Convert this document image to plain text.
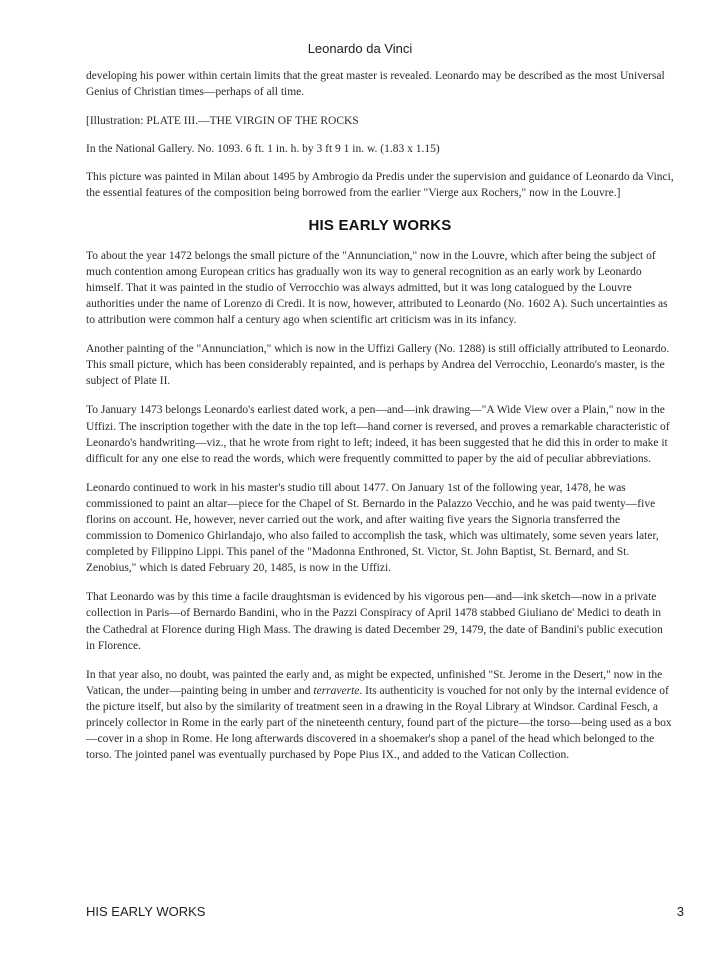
Leonardo da Vinci

developing his power within certain limits that the great master is revealed. Leonardo may be described as the most Universal Genius of Christian times—perhaps of all time.

[Illustration: PLATE III.—THE VIRGIN OF THE ROCKS

In the National Gallery. No. 1093. 6 ft. 1 in. h. by 3 ft 9 1 in. w. (1.83 x 1.15)

This picture was painted in Milan about 1495 by Ambrogio da Predis under the supervision and guidance of Leonardo da Vinci, the essential features of the composition being borrowed from the earlier "Vierge aux Rochers," now in the Louvre.]

HIS EARLY WORKS

To about the year 1472 belongs the small picture of the "Annunciation," now in the Louvre, which after being the subject of much contention among European critics has gradually won its way to general recognition as an early work by Leonardo himself. That it was painted in the studio of Verrocchio was always admitted, but it was long catalogued by the Louvre authorities under the name of Lorenzo di Credi. It is now, however, attributed to Leonardo (No. 1602 A). Such uncertainties as to attribution were common half a century ago when scientific art criticism was in its infancy.

Another painting of the "Annunciation," which is now in the Uffizi Gallery (No. 1288) is still officially attributed to Leonardo. This small picture, which has been considerably repainted, and is perhaps by Andrea del Verrocchio, Leonardo's master, is the subject of Plate II.

To January 1473 belongs Leonardo's earliest dated work, a pen—and—ink drawing—"A Wide View over a Plain," now in the Uffizi. The inscription together with the date in the top left—hand corner is reversed, and proves a remarkable characteristic of Leonardo's handwriting—viz., that he wrote from right to left; indeed, it has been suggested that he did this in order to make it difficult for any one else to read the words, which were frequently committed to paper by the aid of peculiar abbreviations.

Leonardo continued to work in his master's studio till about 1477. On January 1st of the following year, 1478, he was commissioned to paint an altar—piece for the Chapel of St. Bernardo in the Palazzo Vecchio, and he was paid twenty—five florins on account. He, however, never carried out the work, and after waiting five years the Signoria transferred the commission to Domenico Ghirlandajo, who also failed to accomplish the task, which was ultimately, some seven years later, completed by Filippino Lippi. This panel of the "Madonna Enthroned, St. Victor, St. John Baptist, St. Bernard, and St. Zenobius," which is dated February 20, 1485, is now in the Uffizi.

That Leonardo was by this time a facile draughtsman is evidenced by his vigorous pen—and—ink sketch—now in a private collection in Paris—of Bernardo Bandini, who in the Pazzi Conspiracy of April 1478 stabbed Giuliano de' Medici to death in the Cathedral at Florence during High Mass. The drawing is dated December 29, 1479, the date of Bandini's public execution in Florence.

In that year also, no doubt, was painted the early and, as might be expected, unfinished "St. Jerome in the Desert," now in the Vatican, the under—painting being in umber and terraverte. Its authenticity is vouched for not only by the internal evidence of the picture itself, but also by the similarity of treatment seen in a drawing in the Royal Library at Windsor. Cardinal Fesch, a princely collector in Rome in the early part of the nineteenth century, found part of the picture—the torso—being used as a box—cover in a shop in Rome. He long afterwards discovered in a shoemaker's shop a panel of the head which belonged to the torso. The jointed panel was eventually purchased by Pope Pius IX., and added to the Vatican Collection.

HIS EARLY WORKS	3
